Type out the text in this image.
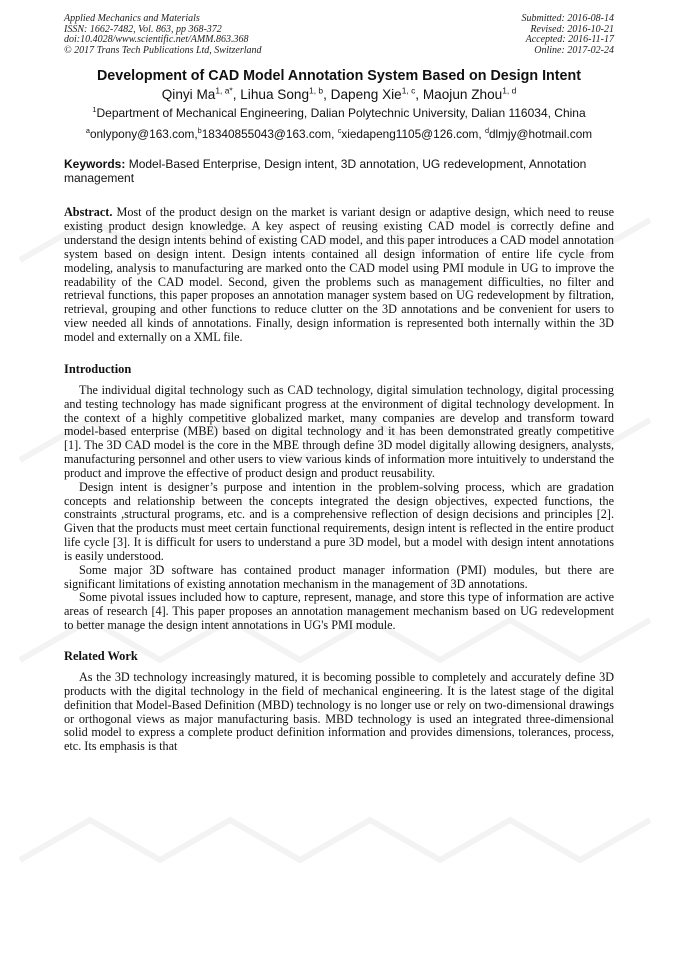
Applied Mechanics and Materials
ISSN: 1662-7482, Vol. 863, pp 368-372
doi:10.4028/www.scientific.net/AMM.863.368
© 2017 Trans Tech Publications Ltd, Switzerland
Submitted: 2016-08-14
Revised: 2016-10-21
Accepted: 2016-11-17
Online: 2017-02-24
Development of CAD Model Annotation System Based on Design Intent
Qinyi $Ma^{1, a*}$, Lihua Song$^{1, b}$, Dapeng Xie$^{1, c}$, Maojun Zhou$^{1, d}$
$^1$Department of Mechanical Engineering, Dalian Polytechnic University, Dalian 116034, China
$^a$onlypony@163.com,$^b$18340855043@163.com, $^c$xiedapeng1105@126.com, $^d$dlmjy@hotmail.com
Keywords: Model-Based Enterprise, Design intent, 3D annotation, UG redevelopment, Annotation management
Abstract. Most of the product design on the market is variant design or adaptive design, which need to reuse existing product design knowledge. A key aspect of reusing existing CAD model is correctly define and understand the design intents behind of existing CAD model, and this paper introduces a CAD model annotation system based on design intent. Design intents contained all design information of entire life cycle from modeling, analysis to manufacturing are marked onto the CAD model using PMI module in UG to improve the readability of the CAD model. Second, given the problems such as management difficulties, no filter and retrieval functions, this paper proposes an annotation manager system based on UG redevelopment by filtration, retrieval, grouping and other functions to reduce clutter on the 3D annotations and be convenient for users to view needed all kinds of annotations. Finally, design information is represented both internally within the 3D model and externally on a XML file.
Introduction
The individual digital technology such as CAD technology, digital simulation technology, digital processing and testing technology has made significant progress at the environment of digital technology development. In the context of a highly competitive globalized market, many companies are develop and transform toward model-based enterprise (MBE) based on digital technology and it has been demonstrated greatly competitive [1]. The 3D CAD model is the core in the MBE through define 3D model digitally allowing designers, analysts, manufacturing personnel and other users to view various kinds of information more intuitively to understand the product and improve the effective of product design and product reusability.
Design intent is designer’s purpose and intention in the problem-solving process, which are gradation concepts and relationship between the concepts integrated the design objectives, expected functions, the constraints ,structural programs, etc. and is a comprehensive reflection of design decisions and principles [2]. Given that the products must meet certain functional requirements, design intent is reflected in the entire product life cycle [3]. It is difficult for users to understand a pure 3D model, but a model with design intent annotations is easily understood.
Some major 3D software has contained product manager information (PMI) modules, but there are significant limitations of existing annotation mechanism in the management of 3D annotations.
Some pivotal issues included how to capture, represent, manage, and store this type of information are active areas of research [4]. This paper proposes an annotation management mechanism based on UG redevelopment to better manage the design intent annotations in UG's PMI module.
Related Work
As the 3D technology increasingly matured, it is becoming possible to completely and accurately define 3D products with the digital technology in the field of mechanical engineering. It is the latest stage of the digital definition that Model-Based Definition (MBD) technology is no longer use or rely on two-dimensional drawings or orthogonal views as major manufacturing basis. MBD technology is used an integrated three-dimensional solid model to express a complete product definition information and provides dimensions, tolerances, process, etc. Its emphasis is that
